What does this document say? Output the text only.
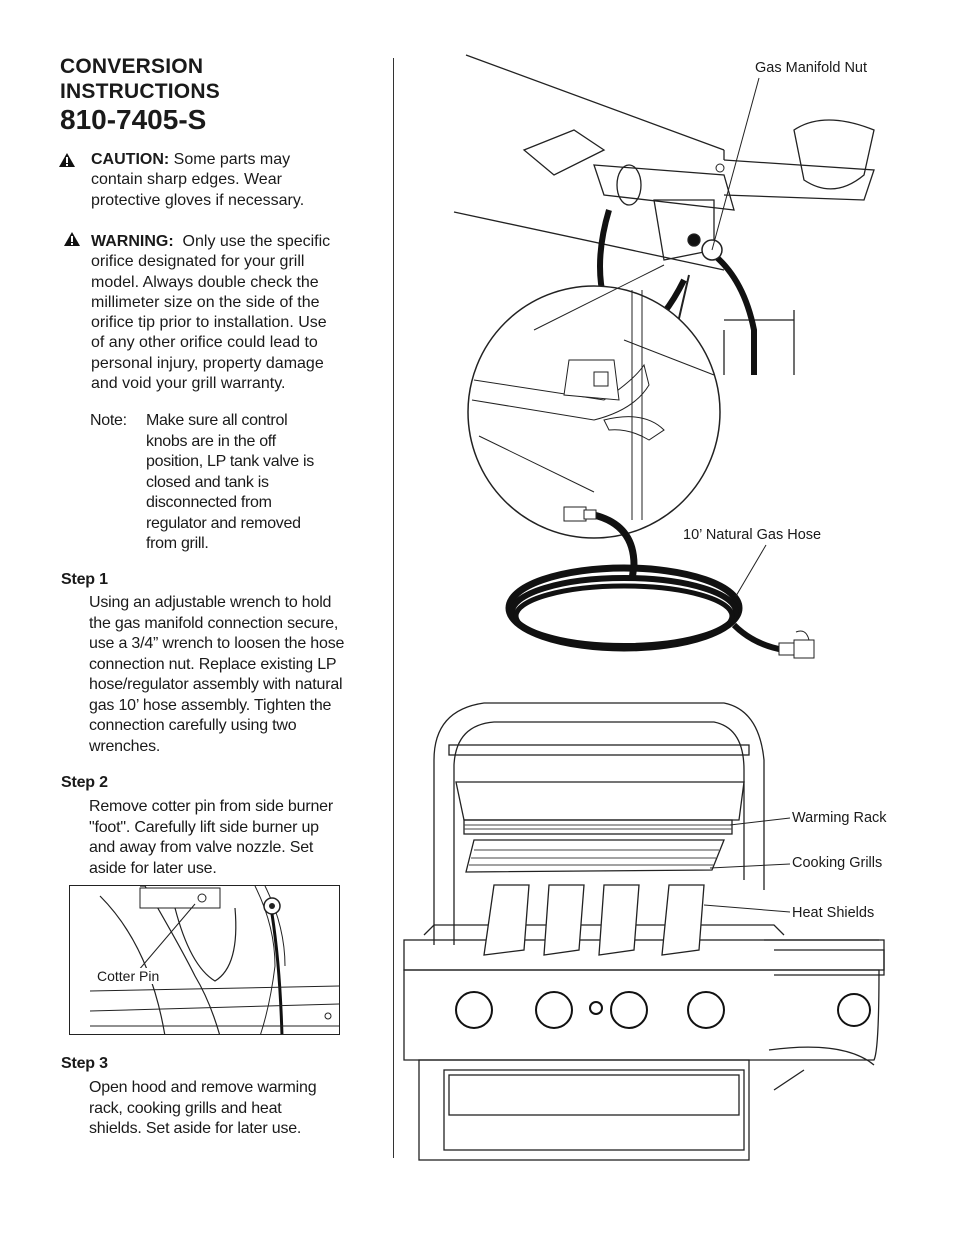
CONVERSION
INSTRUCTIONS
810-7405-S
CAUTION: Some parts may
contain sharp edges. Wear
protective gloves if necessary.
WARNING:  Only use the specific
orifice designated for your grill
model. Always double check the
millimeter size on the side of the
orifice tip prior to installation. Use
of any other orifice could lead to
personal injury, property damage
and void your grill warranty.
Note: Make sure all control
knobs are in the off
position, LP tank valve is
closed and tank is
disconnected from
regulator and removed
from grill.
Step 1
Using an adjustable wrench to hold
the gas manifold connection secure,
use a 3/4” wrench to loosen the hose
connection nut. Replace existing LP
hose/regulator assembly with natural
gas 10’ hose assembly. Tighten the
connection carefully using two
wrenches.
Step 2
Remove cotter pin from side burner
"foot". Carefully lift side burner up
and away from valve nozzle. Set
aside for later use.
Cotter Pin
Step 3
Open hood and remove warming
rack, cooking grills and heat
shields. Set aside for later use.
Gas Manifold Nut
10’ Natural Gas Hose
Warming Rack
Cooking Grills
Heat Shields
